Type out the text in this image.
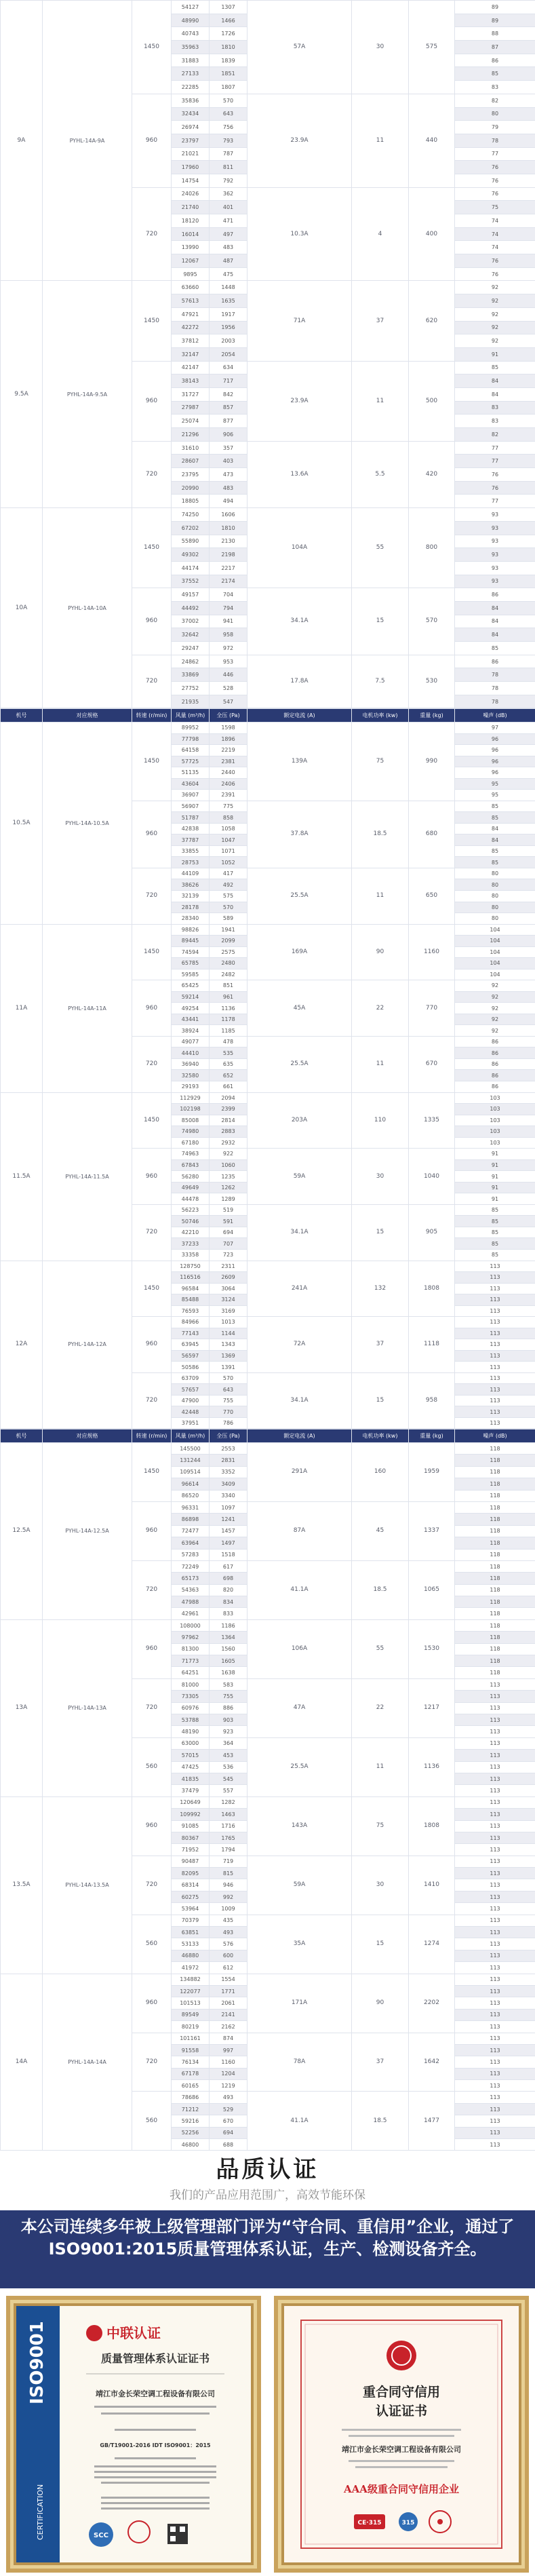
9A	PYHL-14A-9A	1450	54127	1307	57A	30	575	89
			48990	1466				89
			40743	1726				88
			35963	1810				87
			31883	1839				86
			27133	1851				85
			22285	1807				83
		960	35836	570	23.9A	11	440	82
			32434	643				80
			26974	756				79
			23797	793				78
			21021	787				77
			17960	811				76
			14754	792				76
		720	24026	362	10.3A	4	400	76
			21740	401				75
			18120	471				74
			16014	497				74
			13990	483				74
			12067	487				76
			9895	475				76
9.5A	PYHL-14A-9.5A	1450	63660	1448	71A	37	620	92
			57613	1635				92
			47921	1917				92
			42272	1956				92
			37812	2003				92
			32147	2054				91
		960	42147	634	23.9A	11	500	85
			38143	717				84
			31727	842				84
			27987	857				83
			25074	877				83
			21296	906				82
		720	31610	357	13.6A	5.5	420	77
			28607	403				77
			23795	473				76
			20990	483				76
			18805	494				77
10A	PYHL-14A-10A	1450	74250	1606	104A	55	800	93
			67202	1810				93
			55890	2130				93
			49302	2198				93
			44174	2217				93
			37552	2174				93
		960	49157	704	34.1A	15	570	86
			44492	794				84
			37002	941				84
			32642	958				84
			29247	972				85
		720	24862	953	17.8A	7.5	530	86
			33869	446				78
			27752	528				78
			21935	547				78
机号	对应规格	转速 (r/min)	风量 (m³/h)	全压 (Pa)	额定电流 (A)	电机功率 (kw)	重量 (kg)	噪声 (dB)
10.5A	PYHL-14A-10.5A	1450	89952	1598	139A	75	990	97
			77798	1896				96
			64158	2219				96
			57725	2381				96
			51135	2440				96
			43604	2406				95
			36907	2391				95
		960	56907	775	37.8A	18.5	680	85
			51787	858				85
			42838	1058				84
			37787	1047				84
			33855	1071				85
			28753	1052				85
		720	44109	417	25.5A	11	650	80
			38626	492				80
			32139	575				80
			28178	570				80
			28340	589				80
11A	PYHL-14A-11A	1450	98826	1941	169A	90	1160	104
			89445	2099				104
			74594	2575				104
			65785	2480				104
			59585	2482				104
		960	65425	851	45A	22	770	92
			59214	961				92
			49254	1136				92
			43441	1178				92
			38924	1185				92
		720	49077	478	25.5A	11	670	86
			44410	535				86
			36940	635				86
			32580	652				86
			29193	661				86
11.5A	PYHL-14A-11.5A	1450	112929	2094	203A	110	1335	103
			102198	2399				103
			85008	2814				103
			74980	2883				103
			67180	2932				103
		960	74963	922	59A	30	1040	91
			67843	1060				91
			56280	1235				91
			49649	1262				91
			44478	1289				91
		720	56223	519	34.1A	15	905	85
			50746	591				85
			42210	694				85
			37233	707				85
			33358	723				85
12A	PYHL-14A-12A	1450	128750	2311	241A	132	1808	113
			116516	2609				113
			96584	3064				113
			85488	3124				113
			76593	3169				113
		960	84966	1013	72A	37	1118	113
			77143	1144				113
			63945	1343				113
			56597	1369				113
			50586	1391				113
		720	63709	570	34.1A	15	958	113
			57657	643				113
			47900	755				113
			42448	770				113
			37951	786				113
机号	对应规格	转速 (r/min)	风量 (m³/h)	全压 (Pa)	额定电流 (A)	电机功率 (kw)	重量 (kg)	噪声 (dB)
12.5A	PYHL-14A-12.5A	1450	145500	2553	291A	160	1959	118
			131244	2831				118
			109514	3352				118
			96614	3409				118
			86520	3340				118
		960	96331	1097	87A	45	1337	118
			86898	1241				118
			72477	1457				118
			63964	1497				118
			57283	1518				118
		720	72249	617	41.1A	18.5	1065	118
			65173	698				118
			54363	820				118
			47988	834				118
			42961	833				118
13A	PYHL-14A-13A	960	108000	1186	106A	55	1530	118
			97962	1364				118
			81300	1560				118
			71773	1605				118
			64251	1638				118
		720	81000	583	47A	22	1217	113
			73305	755				113
			60976	886				113
			53788	903				113
			48190	923				113
		560	63000	364	25.5A	11	1136	113
			57015	453				113
			47425	536				113
			41835	545				113
			37479	557				113
13.5A	PYHL-14A-13.5A	960	120649	1282	143A	75	1808	113
			109992	1463				113
			91085	1716				113
			80367	1765				113
			71952	1794				113
		720	90487	719	59A	30	1410	113
			82095	815				113
			68314	946				113
			60275	992				113
			53964	1009				113
		560	70379	435	35A	15	1274	113
			63851	493				113
			53133	576				113
			46880	600				113
			41972	612				113
14A	PYHL-14A-14A	960	134882	1554	171A	90	2202	113
			122077	1771				113
			101513	2061				113
			89549	2141				113
			80219	2162				113
		720	101161	874	78A	37	1642	113
			91558	997				113
			76134	1160				113
			67178	1204				113
			60165	1219				113
		560	78686	493	41.1A	18.5	1477	113
			71212	529				113
			59216	670				113
			52256	694				113
			46800	688				113
品质认证
我们的产品应用范围广，高效节能环保
本公司连续多年被上级管理部门评为“守合同、重信用”企业，通过了ISO9001:2015质量管理体系认证，生产、检测设备齐全。
ISO9001
CERTIFICATION
中联认证
质量管理体系认证证书
靖江市金长荣空调工程设备有限公司
GB/T19001-2016 IDT ISO9001：2015
SCC
重合同守信用
认证证书
靖江市金长荣空调工程设备有限公司
AAA级重合同守信用企业
CE·315	315
